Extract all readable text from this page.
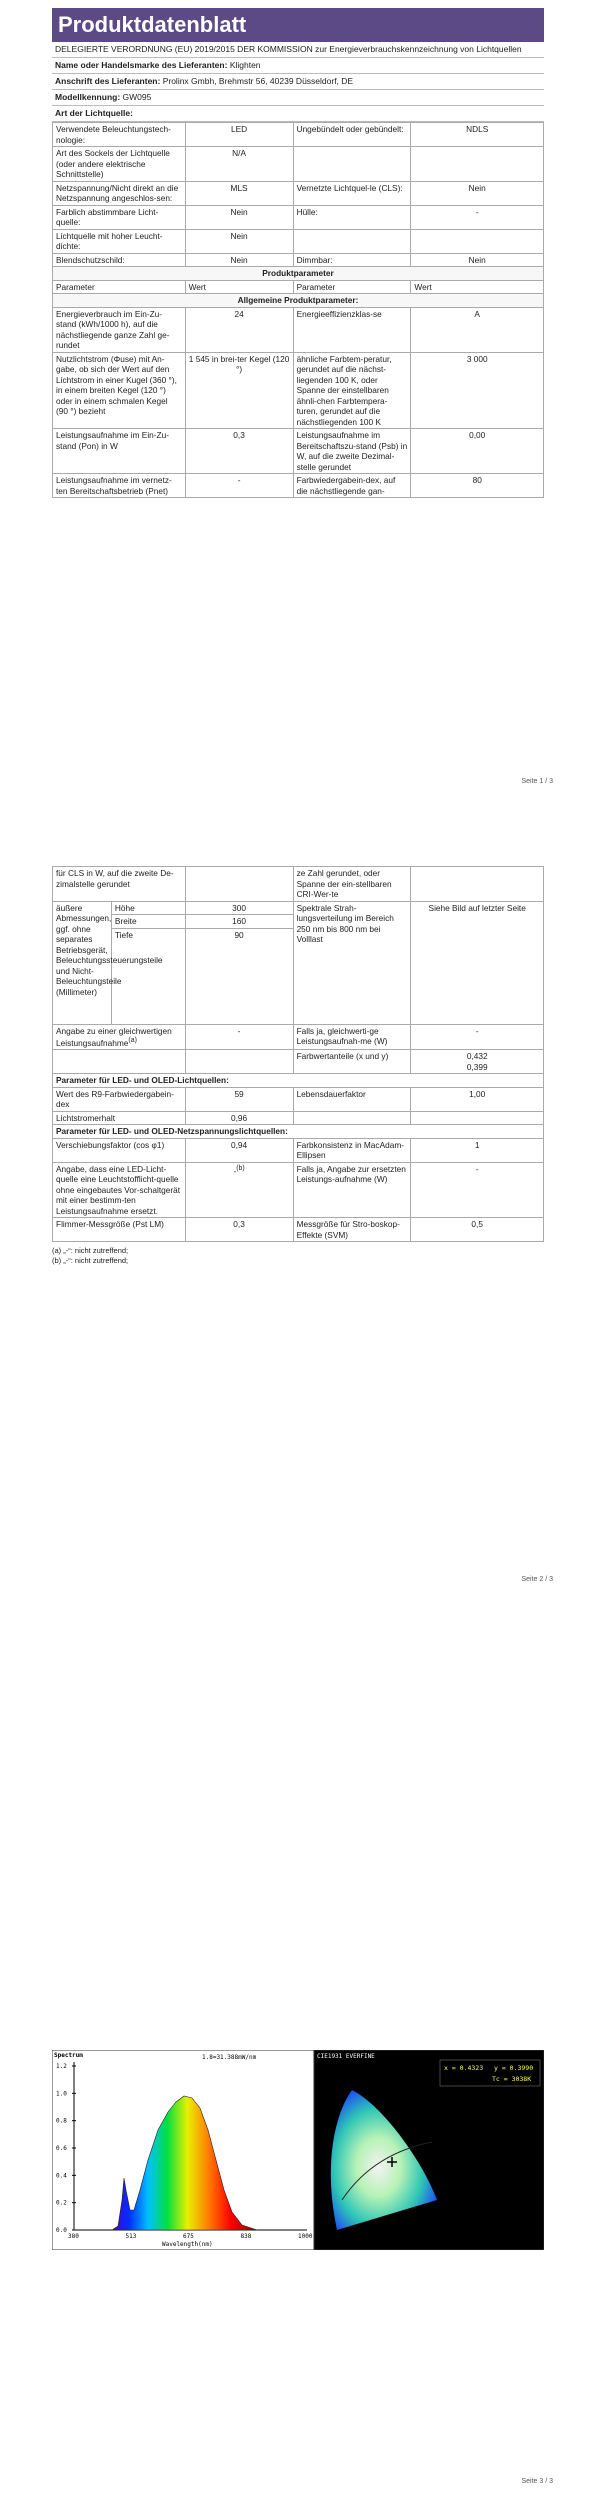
Produktdatenblatt
DELEGIERTE VERORDNUNG (EU) 2019/2015 DER KOMMISSION zur Energieverbrauchskennzeichnung von Lichtquellen
Name oder Handelsmarke des Lieferanten: Klighten
Anschrift des Lieferanten: Prolinx Gmbh, Brehmstr 56, 40239 Düsseldorf, DE
Modellkennung: GW095
Art der Lichtquelle:
Verwendete Beleuchtungstech-nologie:	LED	Ungebündelt oder gebündelt:	NDLS
Art des Sockels der Lichtquelle (oder andere elektrische Schnittstelle)	N/A		
Netzspannung/Nicht direkt an die Netzspannung angeschlos-sen:	MLS	Vernetzte Lichtquel-le (CLS):	Nein
Farblich abstimmbare Licht-quelle:	Nein	Hülle:	-
Lichtquelle mit hoher Leucht-dichte:	Nein		
Blendschutzschild:	Nein	Dimmbar:	Nein
Produktparameter			
Parameter	Wert	Parameter	Wert
Allgemeine Produktparameter:			
Energieverbrauch im Ein-Zu-stand (kWh/1000 h), auf die nächstliegende ganze Zahl ge-rundet	24	Energieeffizienzklas-se	A
Nutzlichtstrom (Φuse) mit An-gabe, ob sich der Wert auf den Lichtstrom in einer Kugel (360 °), in einem breiten Kegel (120 °) oder in einem schmalen Kegel (90 °) bezieht	1 545 in brei-ter Kegel (120 °)	ähnliche Farbtem-peratur, gerundet auf die nächst-liegenden 100 K, oder Spanne der einstellbaren ähnli-chen Farbtempera-turen, gerundet auf die nächstliegenden 100 K	3 000
Leistungsaufnahme im Ein-Zu-stand (Pon) in W	0,3	Leistungsaufnahme im Bereitschaftszu-stand (Psb) in W, auf die zweite Dezimal-stelle gerundet	0,00
Leistungsaufnahme im vernetz-ten Bereitschaftsbetrieb (Pnet)	-	Farbwiedergabein-dex, auf die nächstliegende gan-	80
Seite 1 / 3
für CLS in W, auf die zweite De-zimalstelle gerundet			ze Zahl gerundet, oder Spanne der ein-stellbaren CRI-Wer-te	
äußere Abmessungen, ggf. ohne separates Betriebsgerät, Beleuchtungssteuerungsteile und Nicht-Beleuchtungsteile (Millimeter)	Höhe	300	Spektrale Strah-lungsverteilung im Bereich 250 nm bis 800 nm bei Volllast	Siehe Bild auf letzter Seite
	Breite	160		
	Tiefe	90		
Angabe zu einer gleichwertigen Leistungsaufnahme$^{(a)}$		-	Falls ja, gleichwerti-ge Leistungsaufnah-me (W)	-
			Farbwertanteile (x und y)	0,432
0,399

Parameter für LED- und OLED-Lichtquellen:				
Wert des R9-Farbwiedergabein-dex		59	Lebensdauerfaktor	1,00
Lichtstromerhalt		0,96		
Parameter für LED- und OLED-Netzspannungslichtquellen:				
Verschiebungsfaktor (cos φ1)		0,94	Farbkonsistenz in MacAdam-Ellipsen	1
Angabe, dass eine LED-Licht-quelle eine Leuchtstofflicht-quelle ohne eingebautes Vor-schaltgerät mit einer bestimm-ten Leistungsaufnahme ersetzt.		-$^{(b)}$	Falls ja, Angabe zur ersetzten Leistungs-aufnahme (W)	-
Flimmer-Messgröße (Pst LM)		0,3	Messgröße für Stro-boskop-Effekte (SVM)	0,5
(a) „-“: nicht zutreffend;
(b) „-“: nicht zutreffend;
Seite 2 / 3
Spectrum	1.8=31.388mW/nm
1.2
1.0
0.8
0.6
0.4
0.2
0.0
380	513	675	838	1000
Wavelength(nm)
CIE1931 EVERFINE
x = 0.4323 y = 0.3990
Tc = 3038K
Seite 3 / 3
